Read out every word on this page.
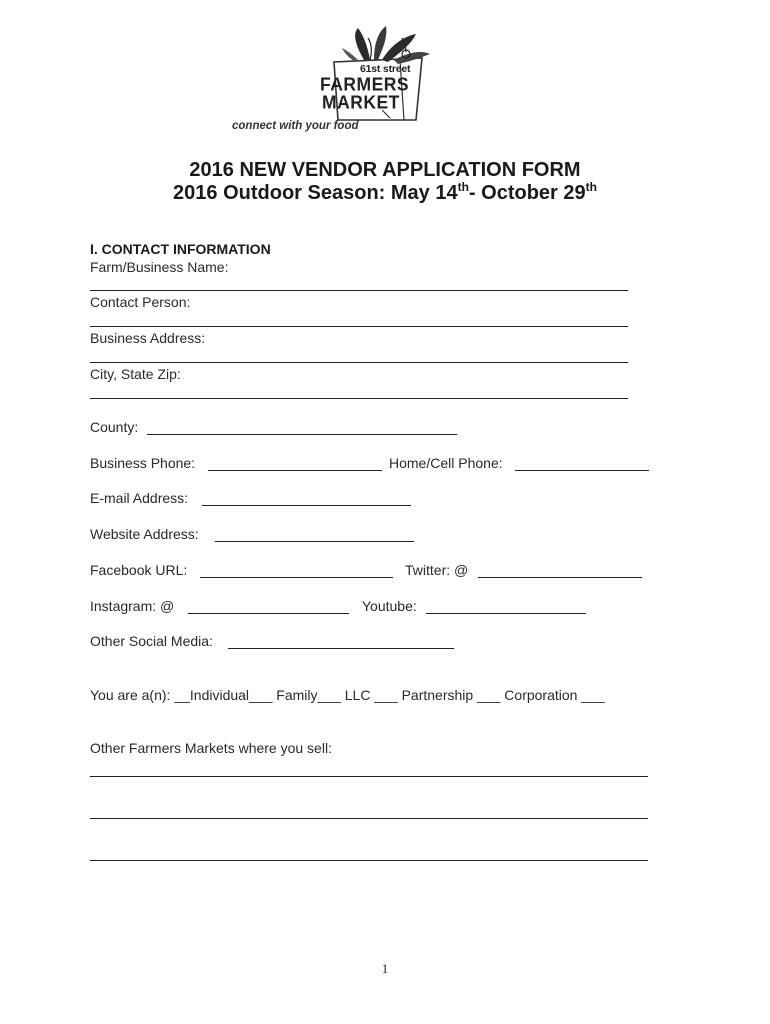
61st street
FARMERS
MARKET
connect with your food
2016 NEW VENDOR APPLICATION FORM
2016 Outdoor Season: May 14th- October 29th
I. CONTACT INFORMATION
Farm/Business Name:
Contact Person:
Business Address:
City, State Zip:
County:
Business Phone:	Home/Cell Phone:
E-mail Address:
Website Address:
Facebook URL:	Twitter: @
Instagram: @	Youtube:
Other Social Media:
You are a(n): __Individual___ Family___ LLC ___ Partnership ___ Corporation ___
Other Farmers Markets where you sell:
1
